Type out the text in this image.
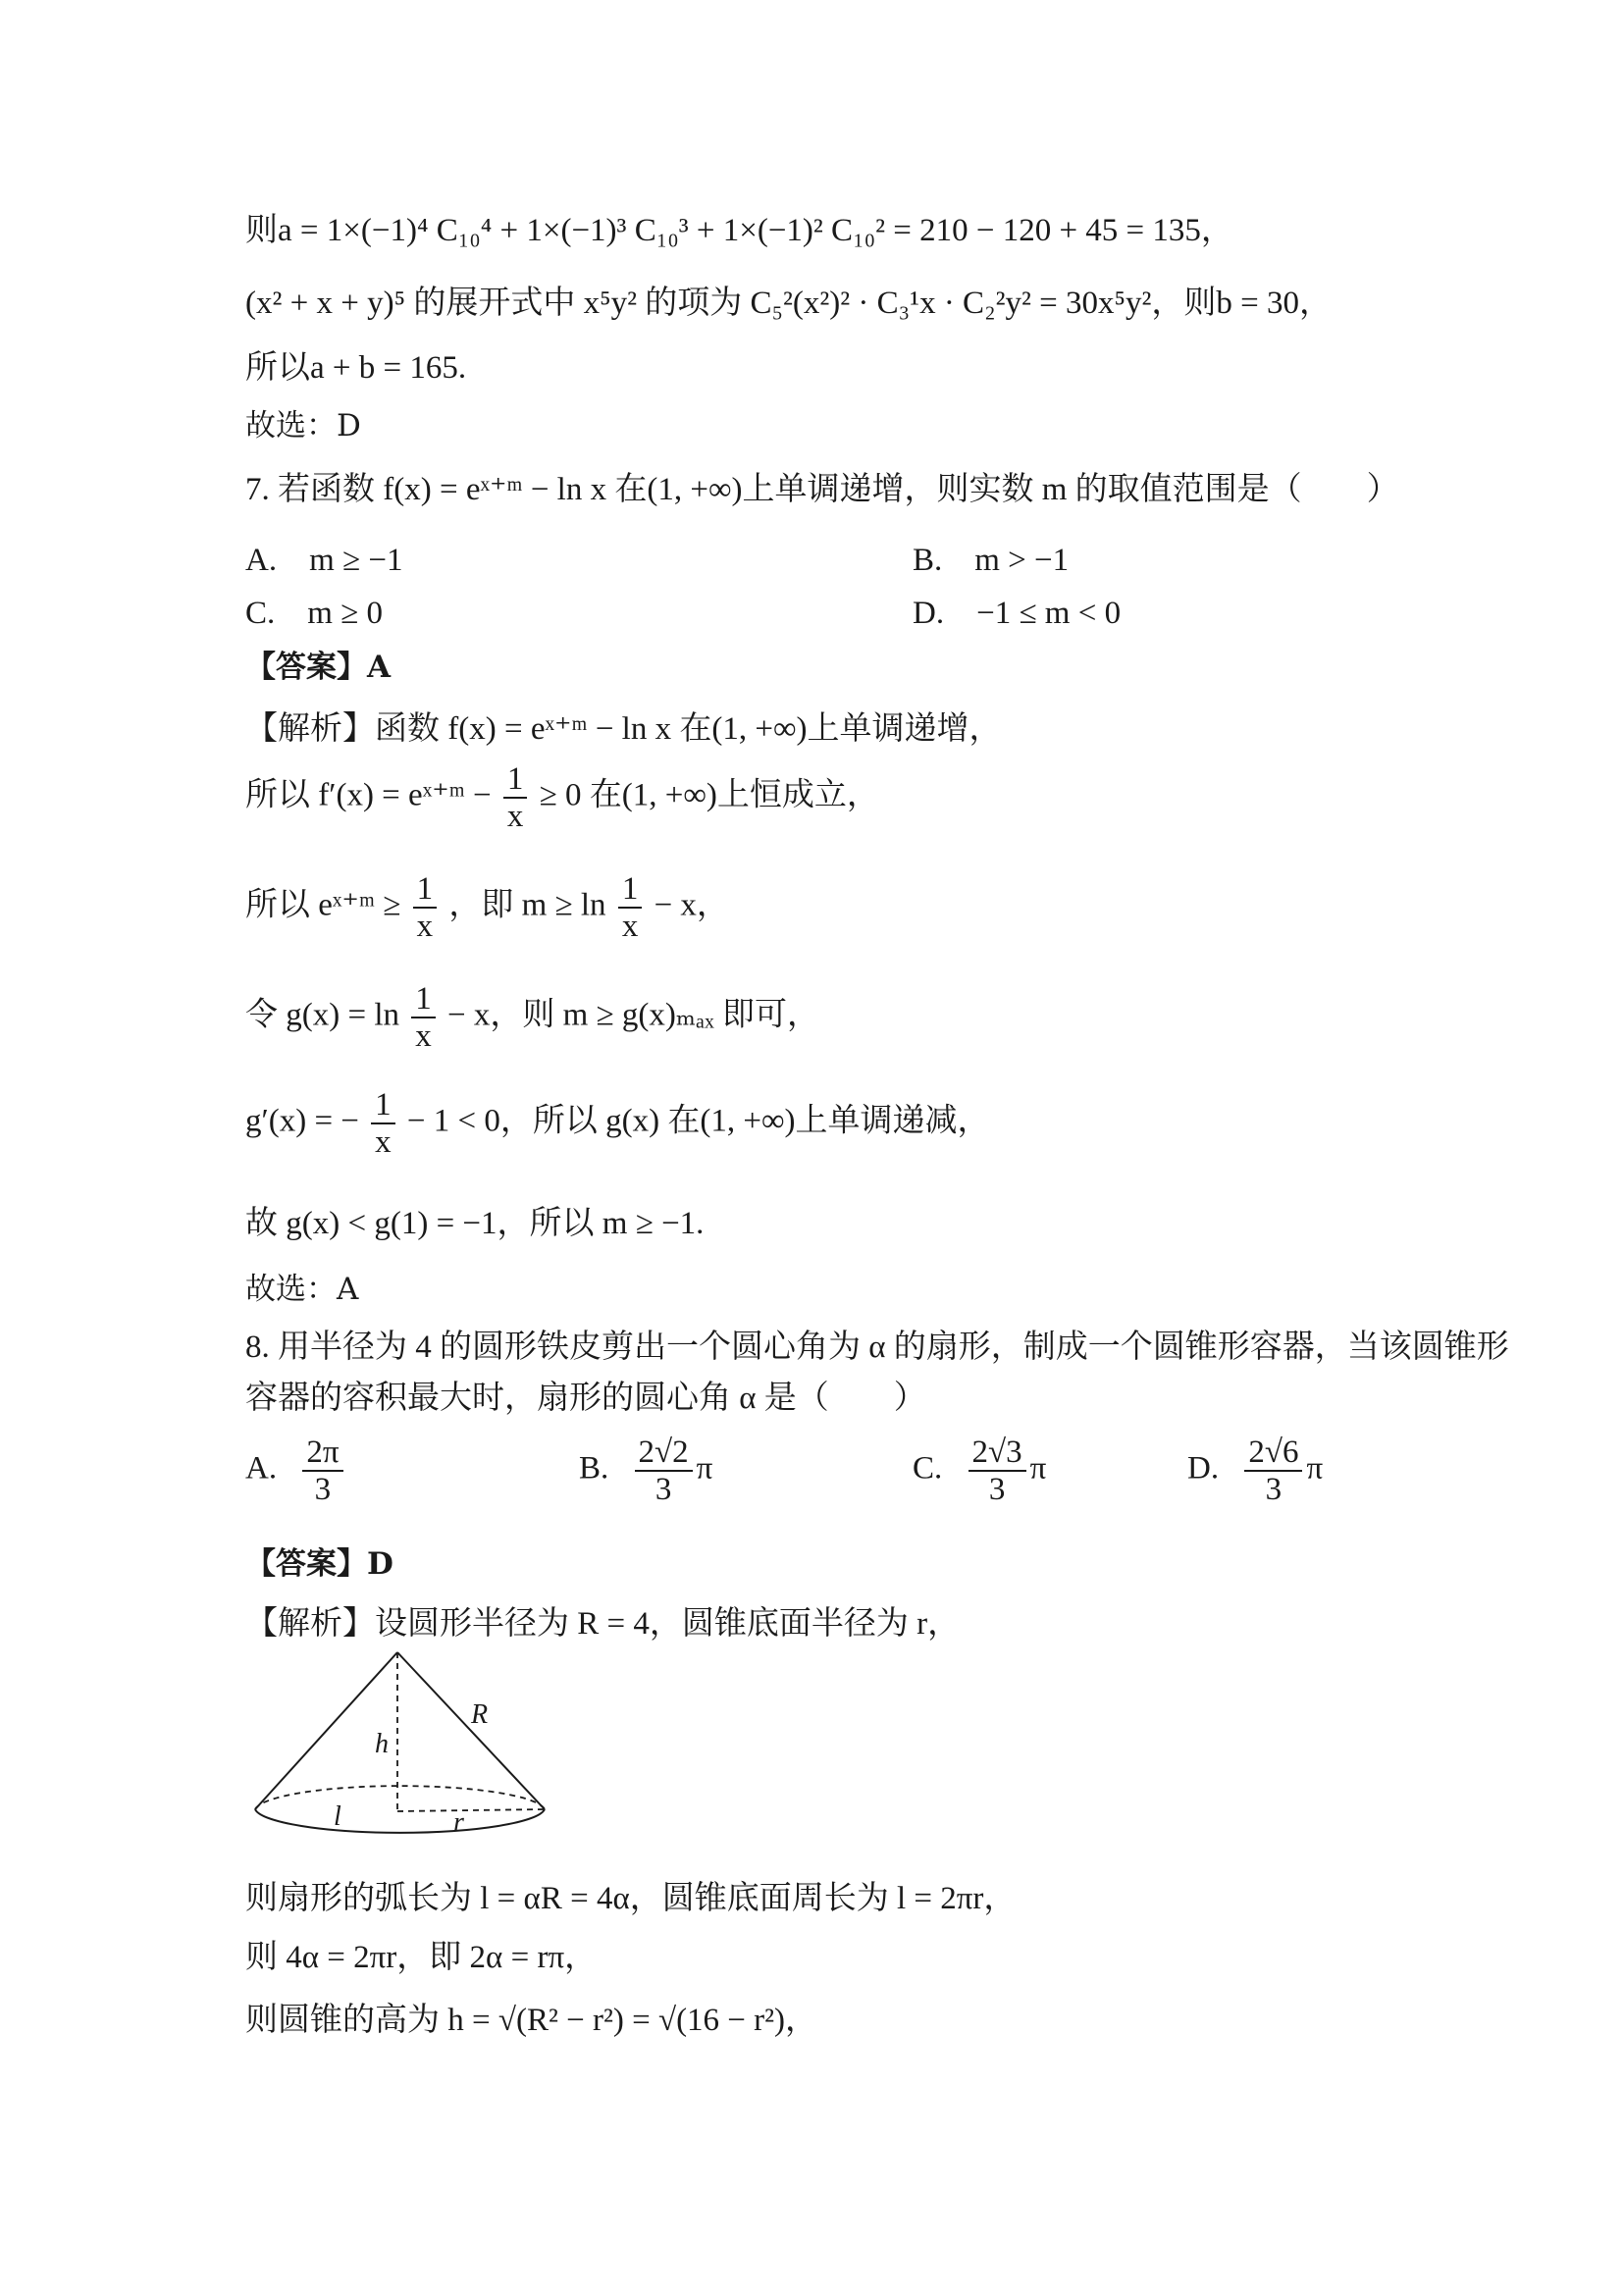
则a = 1×(−1)⁴ C₁₀⁴ + 1×(−1)³ C₁₀³ + 1×(−1)² C₁₀² = 210 − 120 + 45 = 135，
(x² + x + y)⁵ 的展开式中 x⁵y² 的项为 C₅²(x²)² · C₃¹x · C₂²y² = 30x⁵y²，则b = 30，
所以a + b = 165.
故选：D
7. 若函数 f(x) = eˣ⁺ᵐ − ln x 在(1, +∞)上单调递增，则实数 m 的取值范围是（　　）
A.　m ≥ −1	B.　m > −1
C.　m ≥ 0	D.　−1 ≤ m < 0
【答案】A
【解析】函数 f(x) = eˣ⁺ᵐ − ln x 在(1, +∞)上单调递增，
所以 f′(x) = eˣ⁺ᵐ − $\frac{1}{x} \ge 0$ 在(1, +∞)上恒成立，
所以 eˣ⁺ᵐ ≥ $\frac{1}{x}$ ，即 $m \ge \ln \frac{1}{x} - x$，
令 $g(x) = \ln \frac{1}{x} - x$，则 m ≥ g(x)ₘₐₓ 即可，
g′(x) = − $\frac{1}{x} - 1 < 0$，所以 g(x) 在(1, +∞)上单调递减，
故 g(x) < g(1) = −1，所以 m ≥ −1.
故选：A
8. 用半径为 4 的圆形铁皮剪出一个圆心角为 α 的扇形，制成一个圆锥形容器，当该圆锥形
容器的容积最大时，扇形的圆心角 α 是（　　）
A. $\frac{2\pi}{3}$	B. $\frac{2√2}{3}$ π	C. $\frac{2√3}{3}$ π	D. $\frac{2√6}{3}$ π
【答案】D
【解析】设圆形半径为 R = 4，圆锥底面半径为 r，
h
R
l	r
则扇形的弧长为 l = αR = 4α，圆锥底面周长为 l = 2πr，
则 4α = 2πr，即 2α = rπ，
则圆锥的高为 h = √(R² − r²) = √(16 − r²)，
